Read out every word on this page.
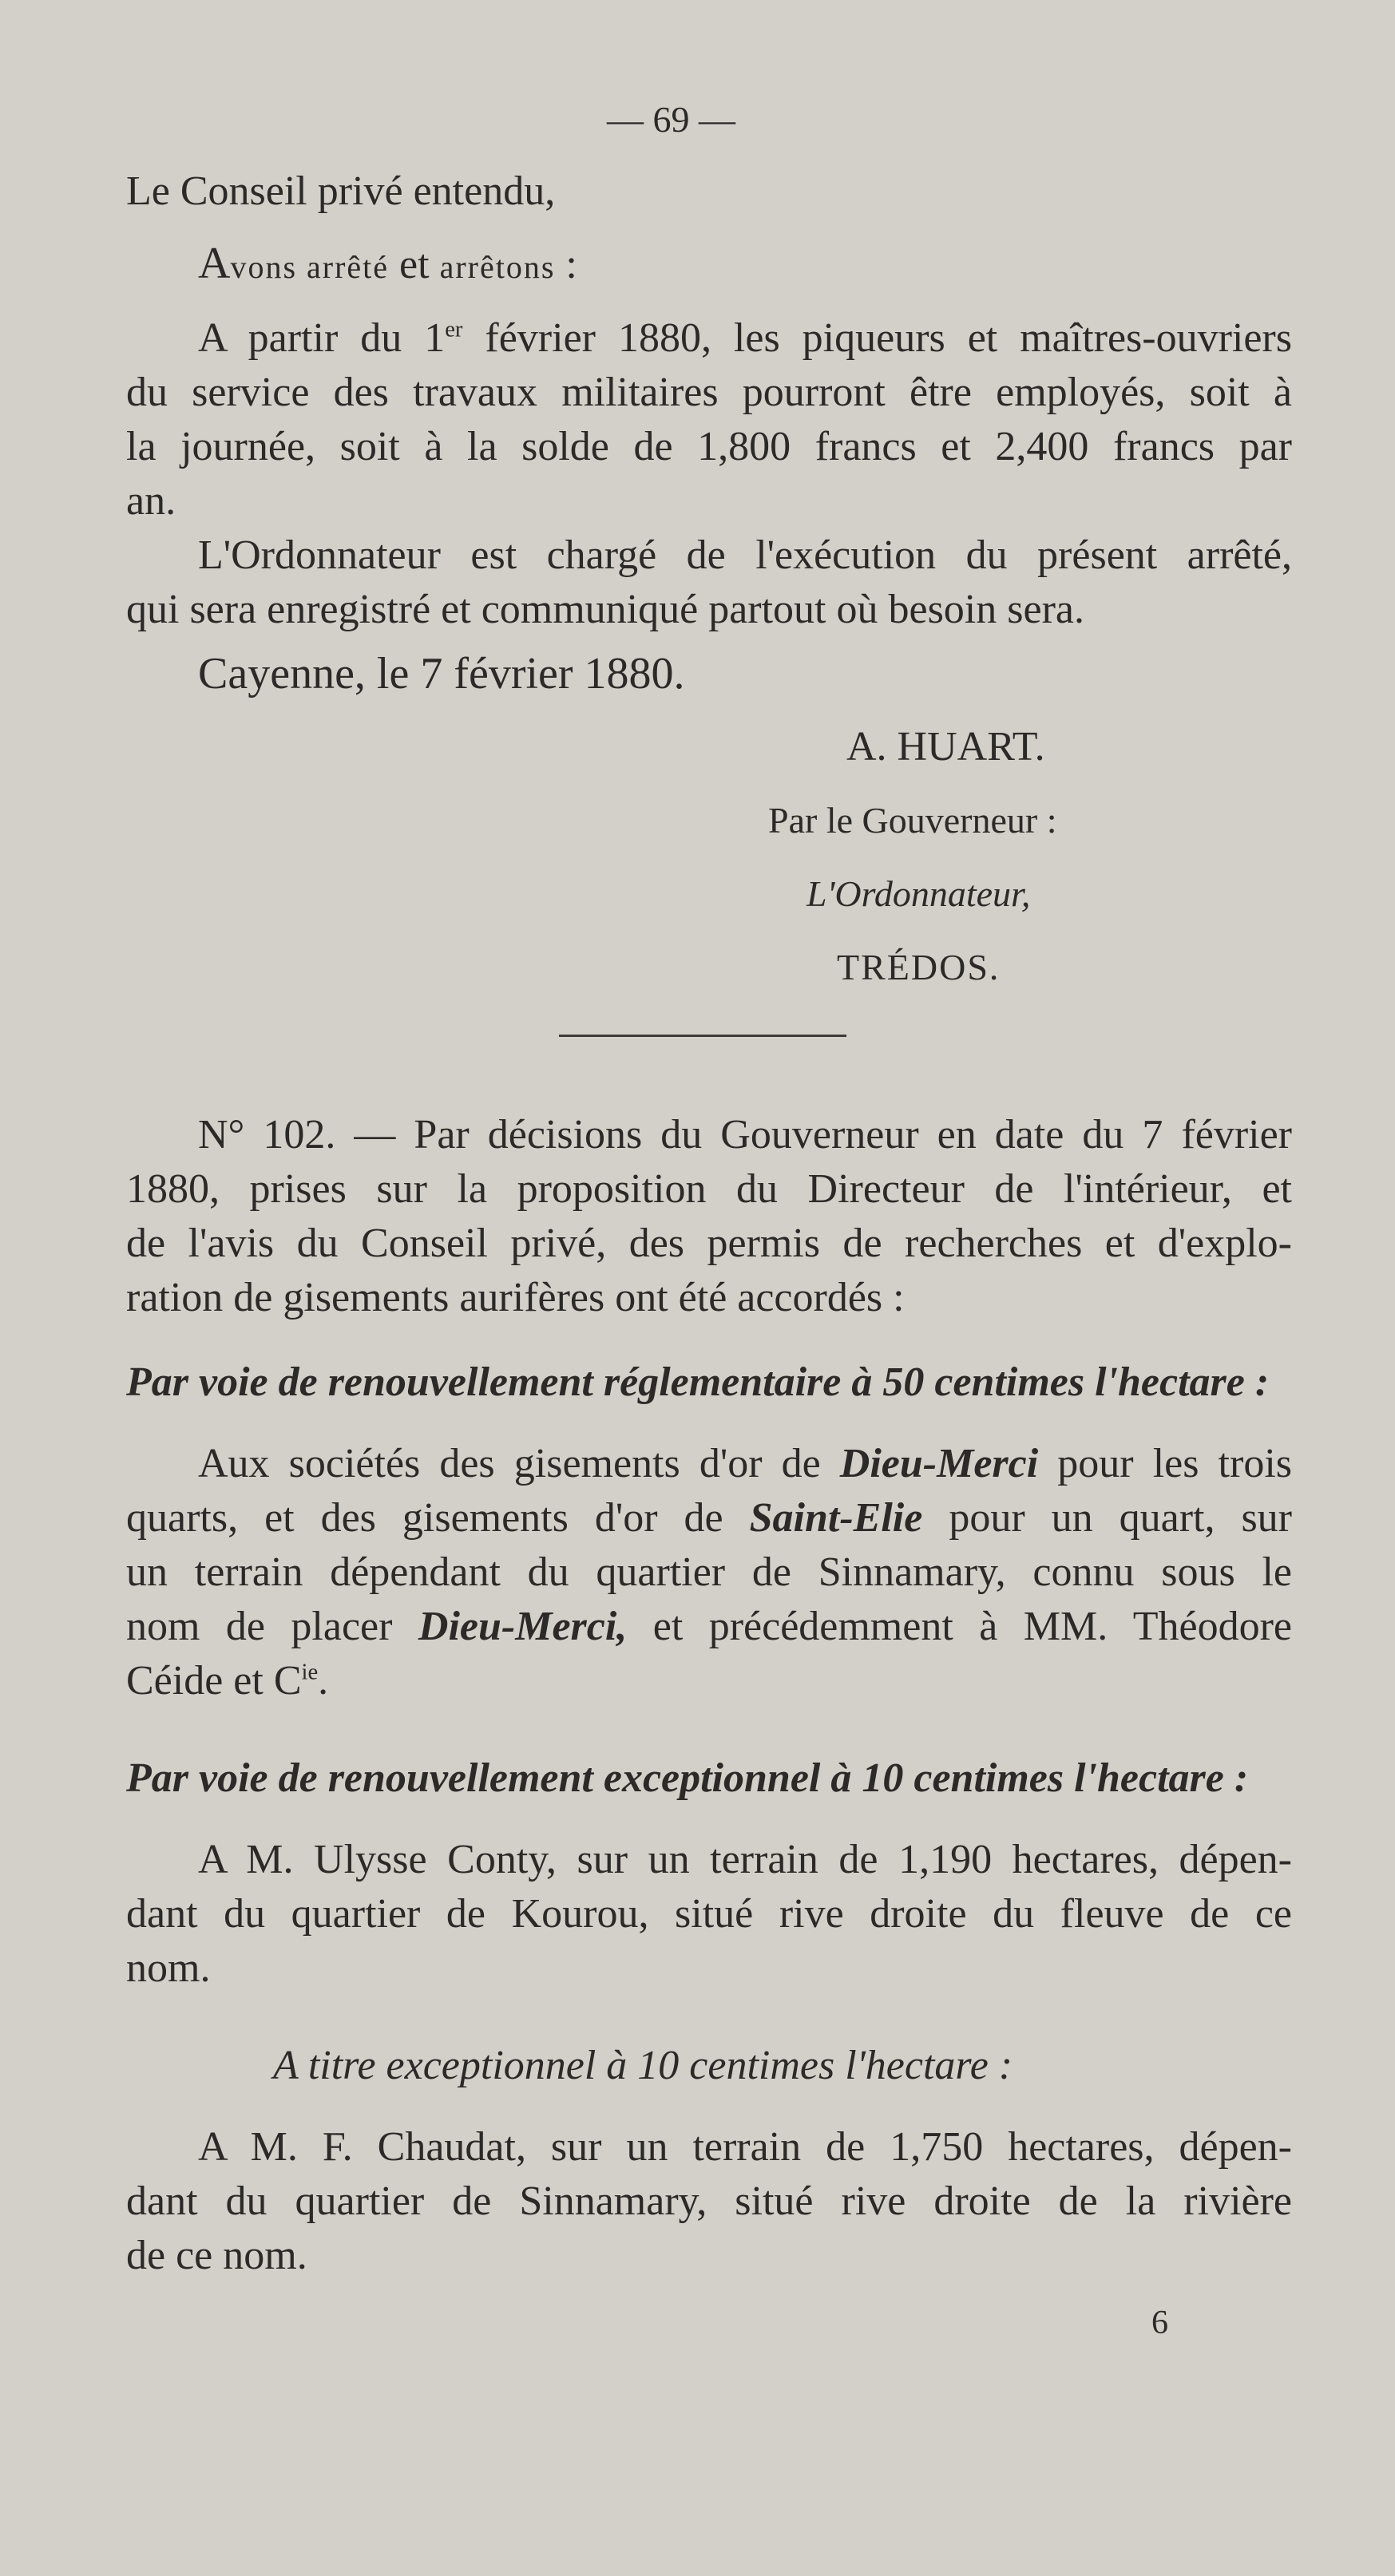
— 69 —

Le Conseil privé entendu,

Avons arrêté et arrêtons :

A partir du 1er février 1880, les piqueurs et maîtres-ouvriers

du service des travaux militaires pourront être employés, soit à

la journée, soit à la solde de 1,800 francs et 2,400 francs par

an.

L'Ordonnateur est chargé de l'exécution du présent arrêté,

qui sera enregistré et communiqué partout où besoin sera.

Cayenne, le 7 février 1880.

A. HUART.

Par le Gouverneur :

L'Ordonnateur,

TRÉDOS.

N° 102. — Par décisions du Gouverneur en date du 7 février

1880, prises sur la proposition du Directeur de l'intérieur, et

de l'avis du Conseil privé, des permis de recherches et d'explo-

ration de gisements aurifères ont été accordés :

Par voie de renouvellement réglementaire à 50 centimes l'hectare :

Aux sociétés des gisements d'or de Dieu-Merci pour les trois

quarts, et des gisements d'or de Saint-Elie pour un quart, sur

un terrain dépendant du quartier de Sinnamary, connu sous le

nom de placer Dieu-Merci, et précédemment à MM. Théodore

Céide et $C^{ie}$.

Par voie de renouvellement exceptionnel à 10 centimes l'hectare :

A M. Ulysse Conty, sur un terrain de 1,190 hectares, dépen-

dant du quartier de Kourou, situé rive droite du fleuve de ce

nom.

A titre exceptionnel à 10 centimes l'hectare :

A M. F. Chaudat, sur un terrain de 1,750 hectares, dépen-

dant du quartier de Sinnamary, situé rive droite de la rivière

de ce nom.

6
